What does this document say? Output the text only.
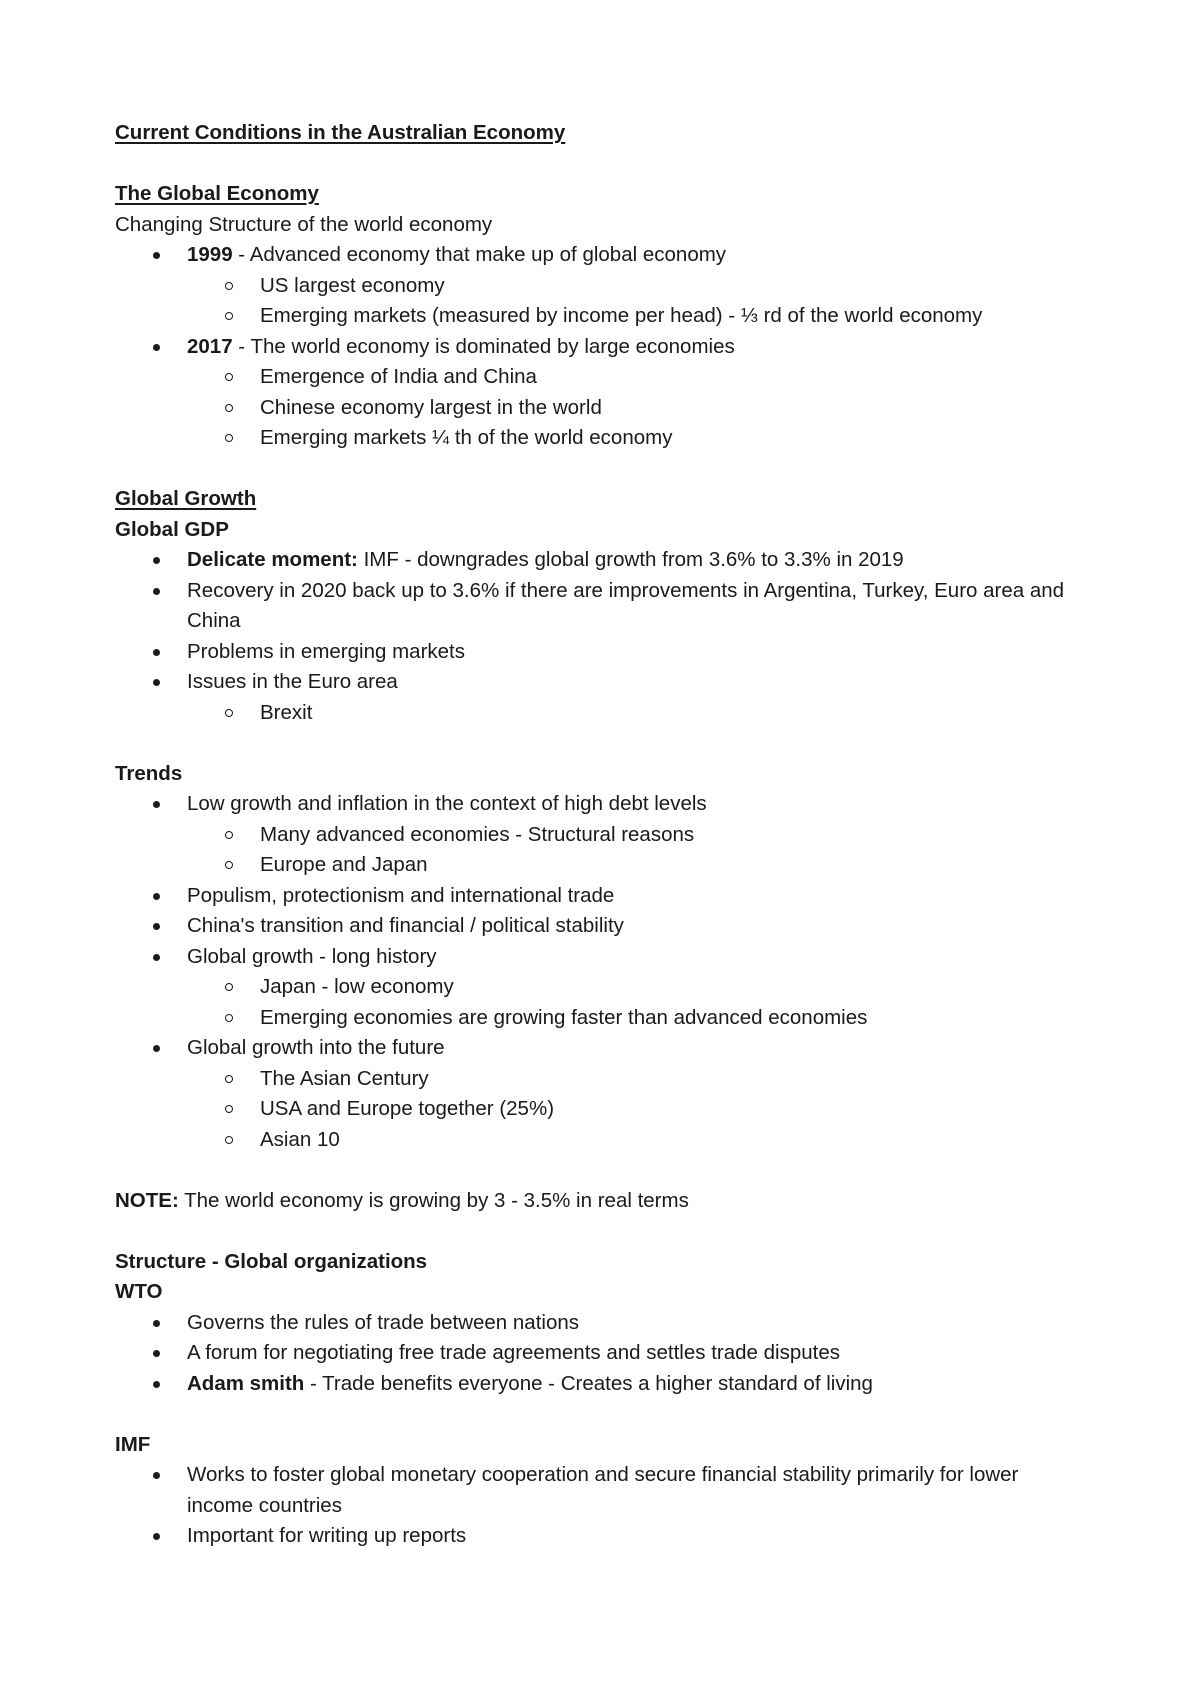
Current Conditions in the Australian Economy
The Global Economy
Changing Structure of the world economy
1999 - Advanced economy that make up of global economy
US largest economy
Emerging markets (measured by income per head) - ⅓ rd of the world economy
2017 - The world economy is dominated by large economies
Emergence of India and China
Chinese economy largest in the world
Emerging markets ¼ th of the world economy
Global Growth
Global GDP
Delicate moment: IMF - downgrades global growth from 3.6% to 3.3% in 2019
Recovery in 2020 back up to 3.6% if there are improvements in Argentina, Turkey, Euro area and China
Problems in emerging markets
Issues in the Euro area
Brexit
Trends
Low growth and inflation in the context of high debt levels
Many advanced economies - Structural reasons
Europe and Japan
Populism, protectionism and international trade
China's transition and financial / political stability
Global growth - long history
Japan - low economy
Emerging economies are growing faster than advanced economies
Global growth into the future
The Asian Century
USA and Europe together (25%)
Asian 10
NOTE: The world economy is growing by 3 - 3.5% in real terms
Structure - Global organizations
WTO
Governs the rules of trade between nations
A forum for negotiating free trade agreements and settles trade disputes
Adam smith - Trade benefits everyone - Creates a higher standard of living
IMF
Works to foster global monetary cooperation and secure financial stability primarily for lower income countries
Important for writing up reports
